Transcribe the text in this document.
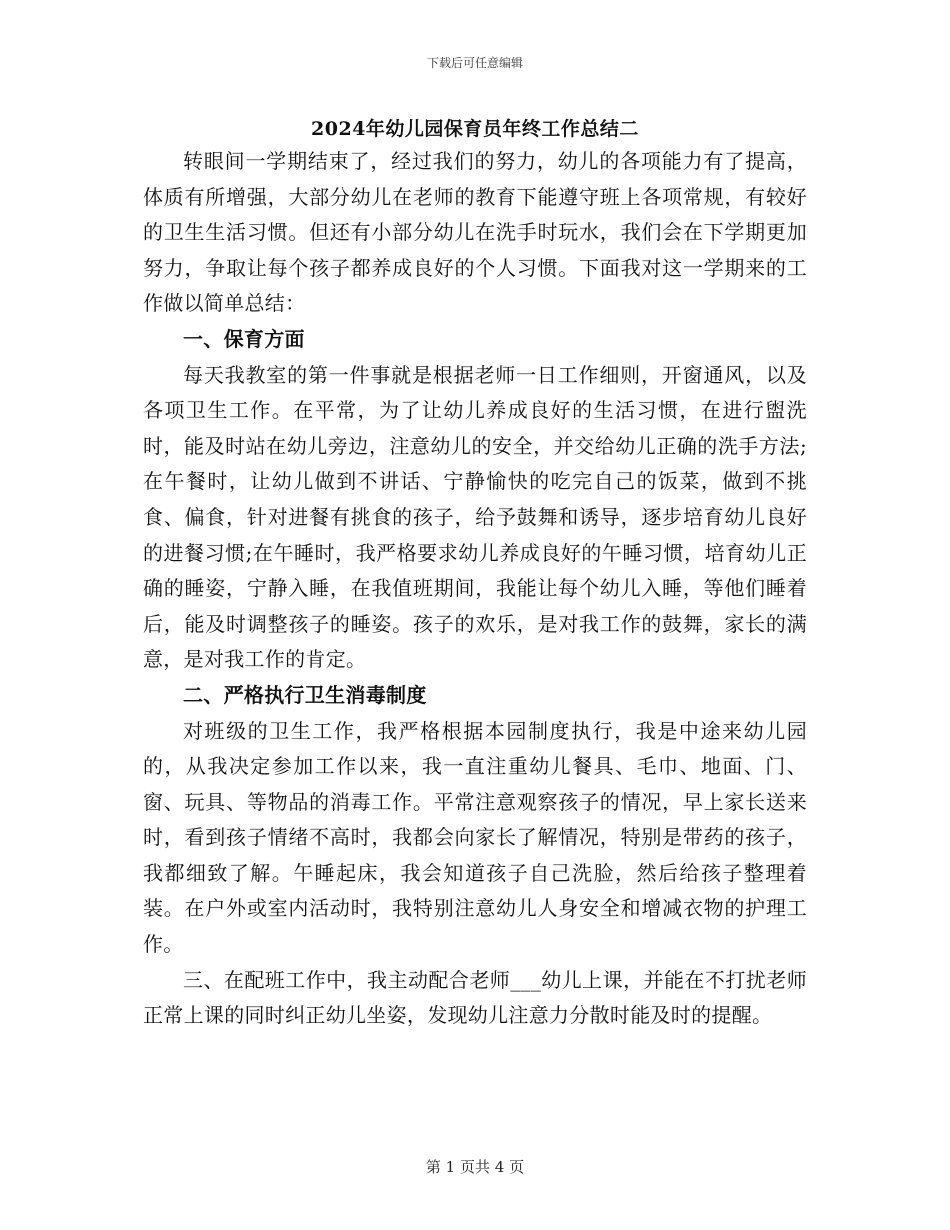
下载后可任意编辑
2024年幼儿园保育员年终工作总结二

转眼间一学期结束了，经过我们的努力，幼儿的各项能力有了提高，体质有所增强，大部分幼儿在老师的教育下能遵守班上各项常规，有较好的卫生生活习惯。但还有小部分幼儿在洗手时玩水，我们会在下学期更加努力，争取让每个孩子都养成良好的个人习惯。下面我对这一学期来的工作做以简单总结：

一、保育方面

每天我教室的第一件事就是根据老师一日工作细则，开窗通风，以及各项卫生工作。在平常，为了让幼儿养成良好的生活习惯，在进行盥洗时，能及时站在幼儿旁边，注意幼儿的安全，并交给幼儿正确的洗手方法;在午餐时，让幼儿做到不讲话、宁静愉快的吃完自己的饭菜，做到不挑食、偏食，针对进餐有挑食的孩子，给予鼓舞和诱导，逐步培育幼儿良好的进餐习惯;在午睡时，我严格要求幼儿养成良好的午睡习惯，培育幼儿正确的睡姿，宁静入睡，在我值班期间，我能让每个幼儿入睡，等他们睡着后，能及时调整孩子的睡姿。孩子的欢乐，是对我工作的鼓舞，家长的满意，是对我工作的肯定。

二、严格执行卫生消毒制度

对班级的卫生工作，我严格根据本园制度执行，我是中途来幼儿园的，从我决定参加工作以来，我一直注重幼儿餐具、毛巾、地面、门、窗、玩具、等物品的消毒工作。平常注意观察孩子的情况，早上家长送来时，看到孩子情绪不高时，我都会向家长了解情况，特别是带药的孩子，我都细致了解。午睡起床，我会知道孩子自己洗脸，然后给孩子整理着装。在户外或室内活动时，我特别注意幼儿人身安全和增减衣物的护理工作。

三、在配班工作中，我主动配合老师___幼儿上课，并能在不打扰老师正常上课的同时纠正幼儿坐姿，发现幼儿注意力分散时能及时的提醒。

第 1 页共 4 页
